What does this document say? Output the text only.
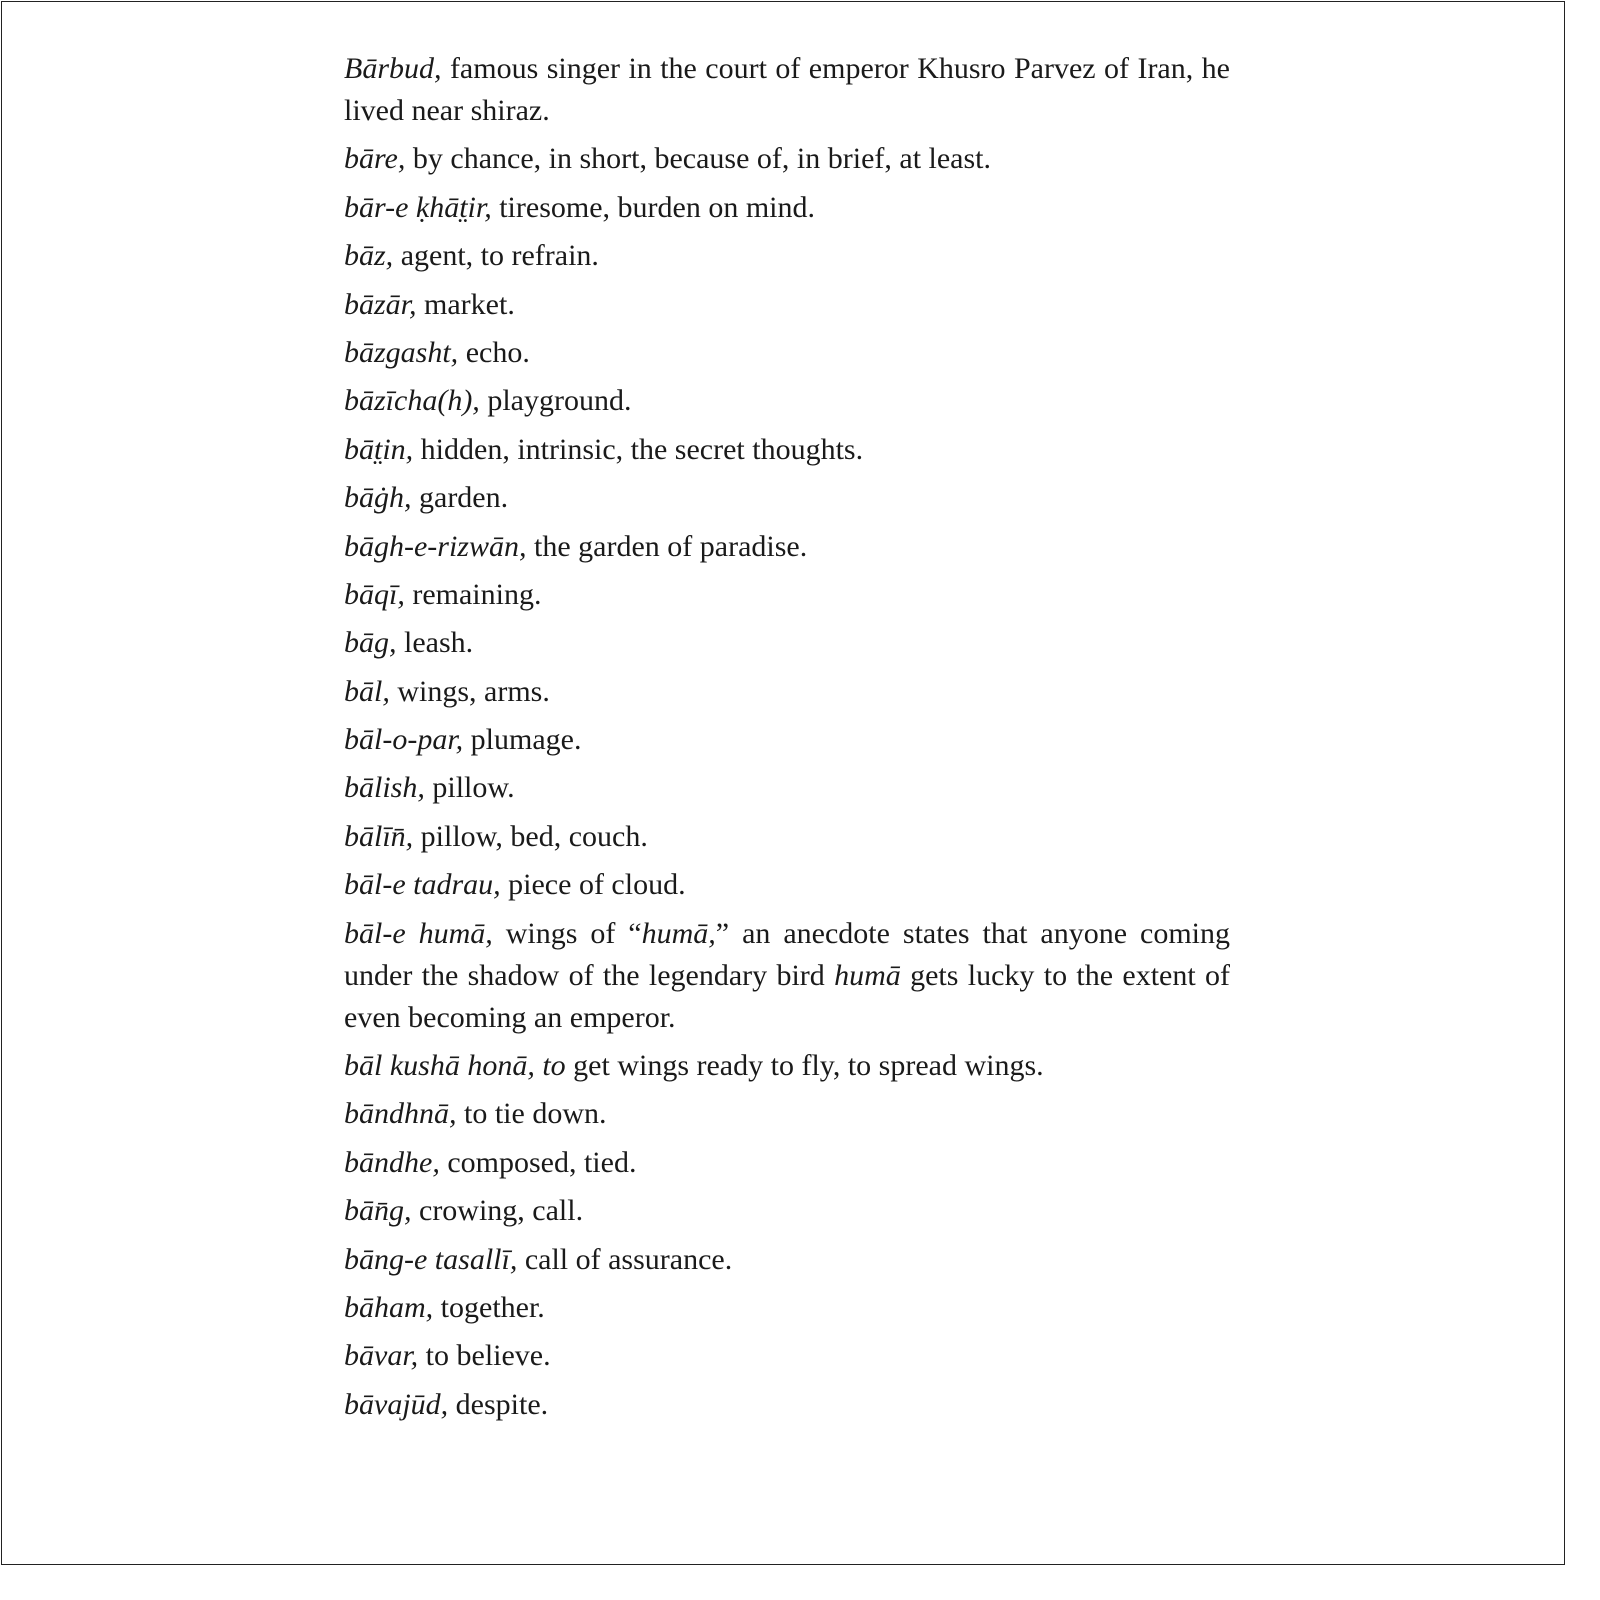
Bārbud, famous singer in the court of emperor Khusro Parvez of Iran, he lived near shiraz.

bāre, by chance, in short, because of, in brief, at least.

bār-e ḳhāt̤ir, tiresome, burden on mind.

bāz, agent, to refrain.

bāzār, market.

bāzgasht, echo.

bāzīcha(h), playground.

bāt̤in, hidden, intrinsic, the secret thoughts.

bāġh, garden.

bāgh-e-rizwān, the garden of paradise.

bāqī, remaining.

bāg, leash.

bāl, wings, arms.

bāl-o-par, plumage.

bālish, pillow.

bālīn̄, pillow, bed, couch.

bāl-e tadrau, piece of cloud.

bāl-e humā, wings of “humā,” an anecdote states that anyone coming under the shadow of the legendary bird humā gets lucky to the extent of even becoming an emperor.

bāl kushā honā, to get wings ready to fly, to spread wings.

bāndhnā, to tie down.

bāndhe, composed, tied.

bān̄g, crowing, call.

bāng-e tasallī, call of assurance.

bāham, together.

bāvar, to believe.

bāvajūd, despite.
